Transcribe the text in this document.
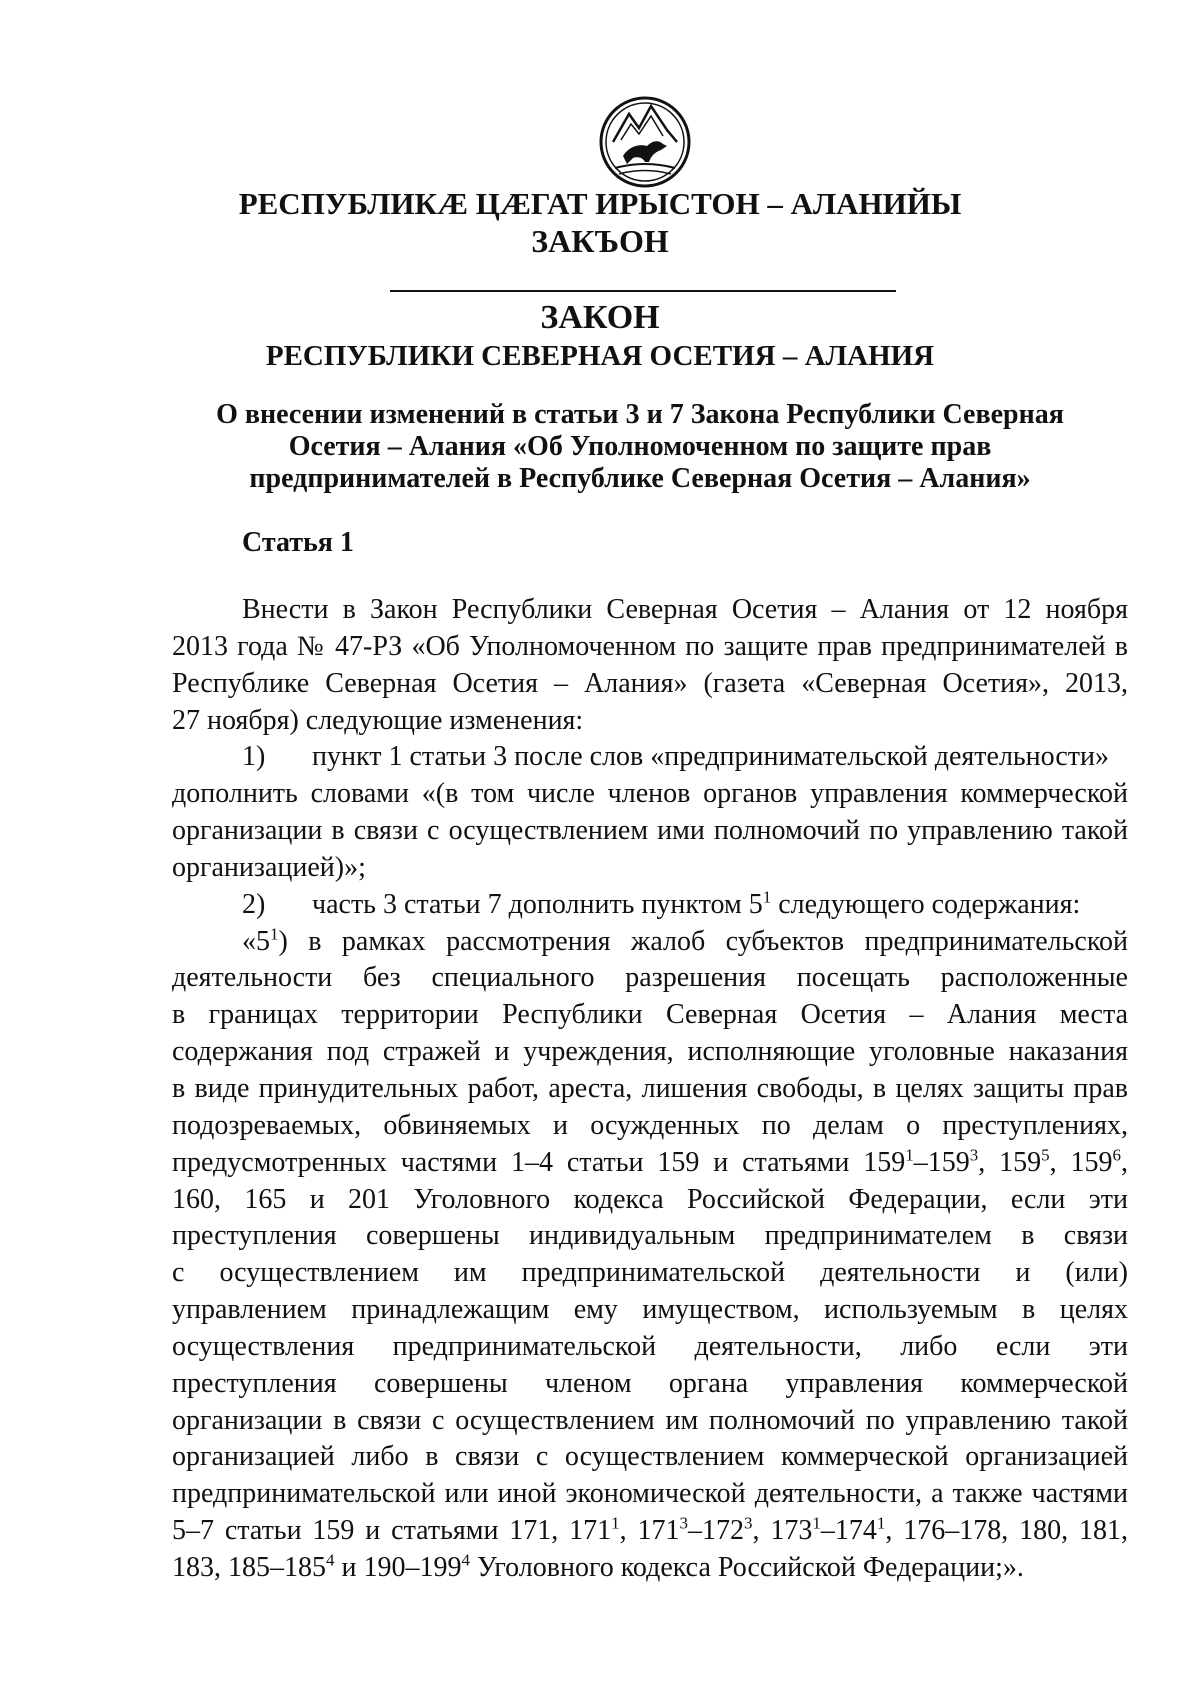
РЕСПУБЛИКÆ ЦÆГАТ ИРЫСТОН – АЛАНИЙЫ
ЗАКЪОН
ЗАКОН
РЕСПУБЛИКИ СЕВЕРНАЯ ОСЕТИЯ – АЛАНИЯ
О внесении изменений в статьи 3 и 7 Закона Республики Северная
Осетия – Алания «Об Уполномоченном по защите прав
предпринимателей в Республике Северная Осетия – Алания»
Статья 1
Внести в Закон Республики Северная Осетия – Алания от 12 ноября
2013 года № 47-РЗ «Об Уполномоченном по защите прав предпринимателей в
Республике Северная Осетия – Алания» (газета «Северная Осетия», 2013,
27 ноября) следующие изменения:
1) пункт 1 статьи 3 после слов «предпринимательской деятельности»
дополнить словами «(в том числе членов органов управления коммерческой
организации в связи с осуществлением ими полномочий по управлению такой
организацией)»;
2) часть 3 статьи 7 дополнить пунктом $5^1$ следующего содержания:
«$5^1$) в рамках рассмотрения жалоб субъектов предпринимательской
деятельности без специального разрешения посещать расположенные
в границах территории Республики Северная Осетия – Алания места
содержания под стражей и учреждения, исполняющие уголовные наказания
в виде принудительных работ, ареста, лишения свободы, в целях защиты прав
подозреваемых, обвиняемых и осужденных по делам о преступлениях,
предусмотренных частями 1–4 статьи 159 и статьями $159^1-159^3$, $159^5$, $159^6$,
160, 165 и 201 Уголовного кодекса Российской Федерации, если эти
преступления совершены индивидуальным предпринимателем в связи
с осуществлением им предпринимательской деятельности и (или)
управлением принадлежащим ему имуществом, используемым в целях
осуществления предпринимательской деятельности, либо если эти
преступления совершены членом органа управления коммерческой
организации в связи с осуществлением им полномочий по управлению такой
организацией либо в связи с осуществлением коммерческой организацией
предпринимательской или иной экономической деятельности, а также частями
5–7 статьи 159 и статьями 171, $171^1$, $171^3-172^3$, $173^1-174^1$, 176–178, 180, 181,
183, $185-185^4$ и $190-199^4$ Уголовного кодекса Российской Федерации;».
